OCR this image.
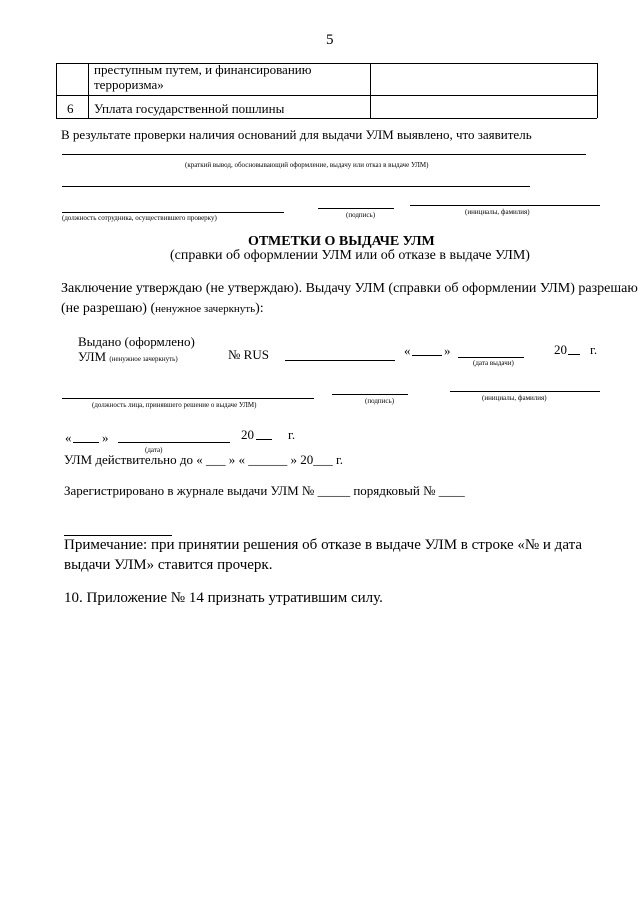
5
преступным путем, и финансированию
терроризма»
6 Уплата государственной пошлины
В результате проверки наличия оснований для выдачи УЛМ выявлено, что заявитель
(краткий вывод, обосновывающий оформление, выдачу или отказ в выдаче УЛМ)
(должность сотрудника, осуществившего проверку)	(подпись)	(инициалы, фамилия)
ОТМЕТКИ О ВЫДАЧЕ УЛМ
(справки об оформлении УЛМ или об отказе в выдаче УЛМ)
Заключение утверждаю (не утверждаю). Выдачу УЛМ (справки об оформлении УЛМ) разрешаю
(не разрешаю) (ненужное зачеркнуть):
Выдано (оформлено)
УЛМ (ненужное зачеркнуть)	№ RUS	«	»
(дата выдачи)
20 г.
(должность лица, принявшего решение о выдаче УЛМ)	(подпись)	(инициалы, фамилия)
« »
(дата)
20	г.
УЛМ действительно до « ___ » « ______ » 20___ г.
Зарегистрировано в журнале выдачи УЛМ № _____ порядковый № ____
Примечание: при принятии решения об отказе в выдаче УЛМ в строке «№ и дата
выдачи УЛМ» ставится прочерк.
10. Приложение № 14 признать утратившим силу.
